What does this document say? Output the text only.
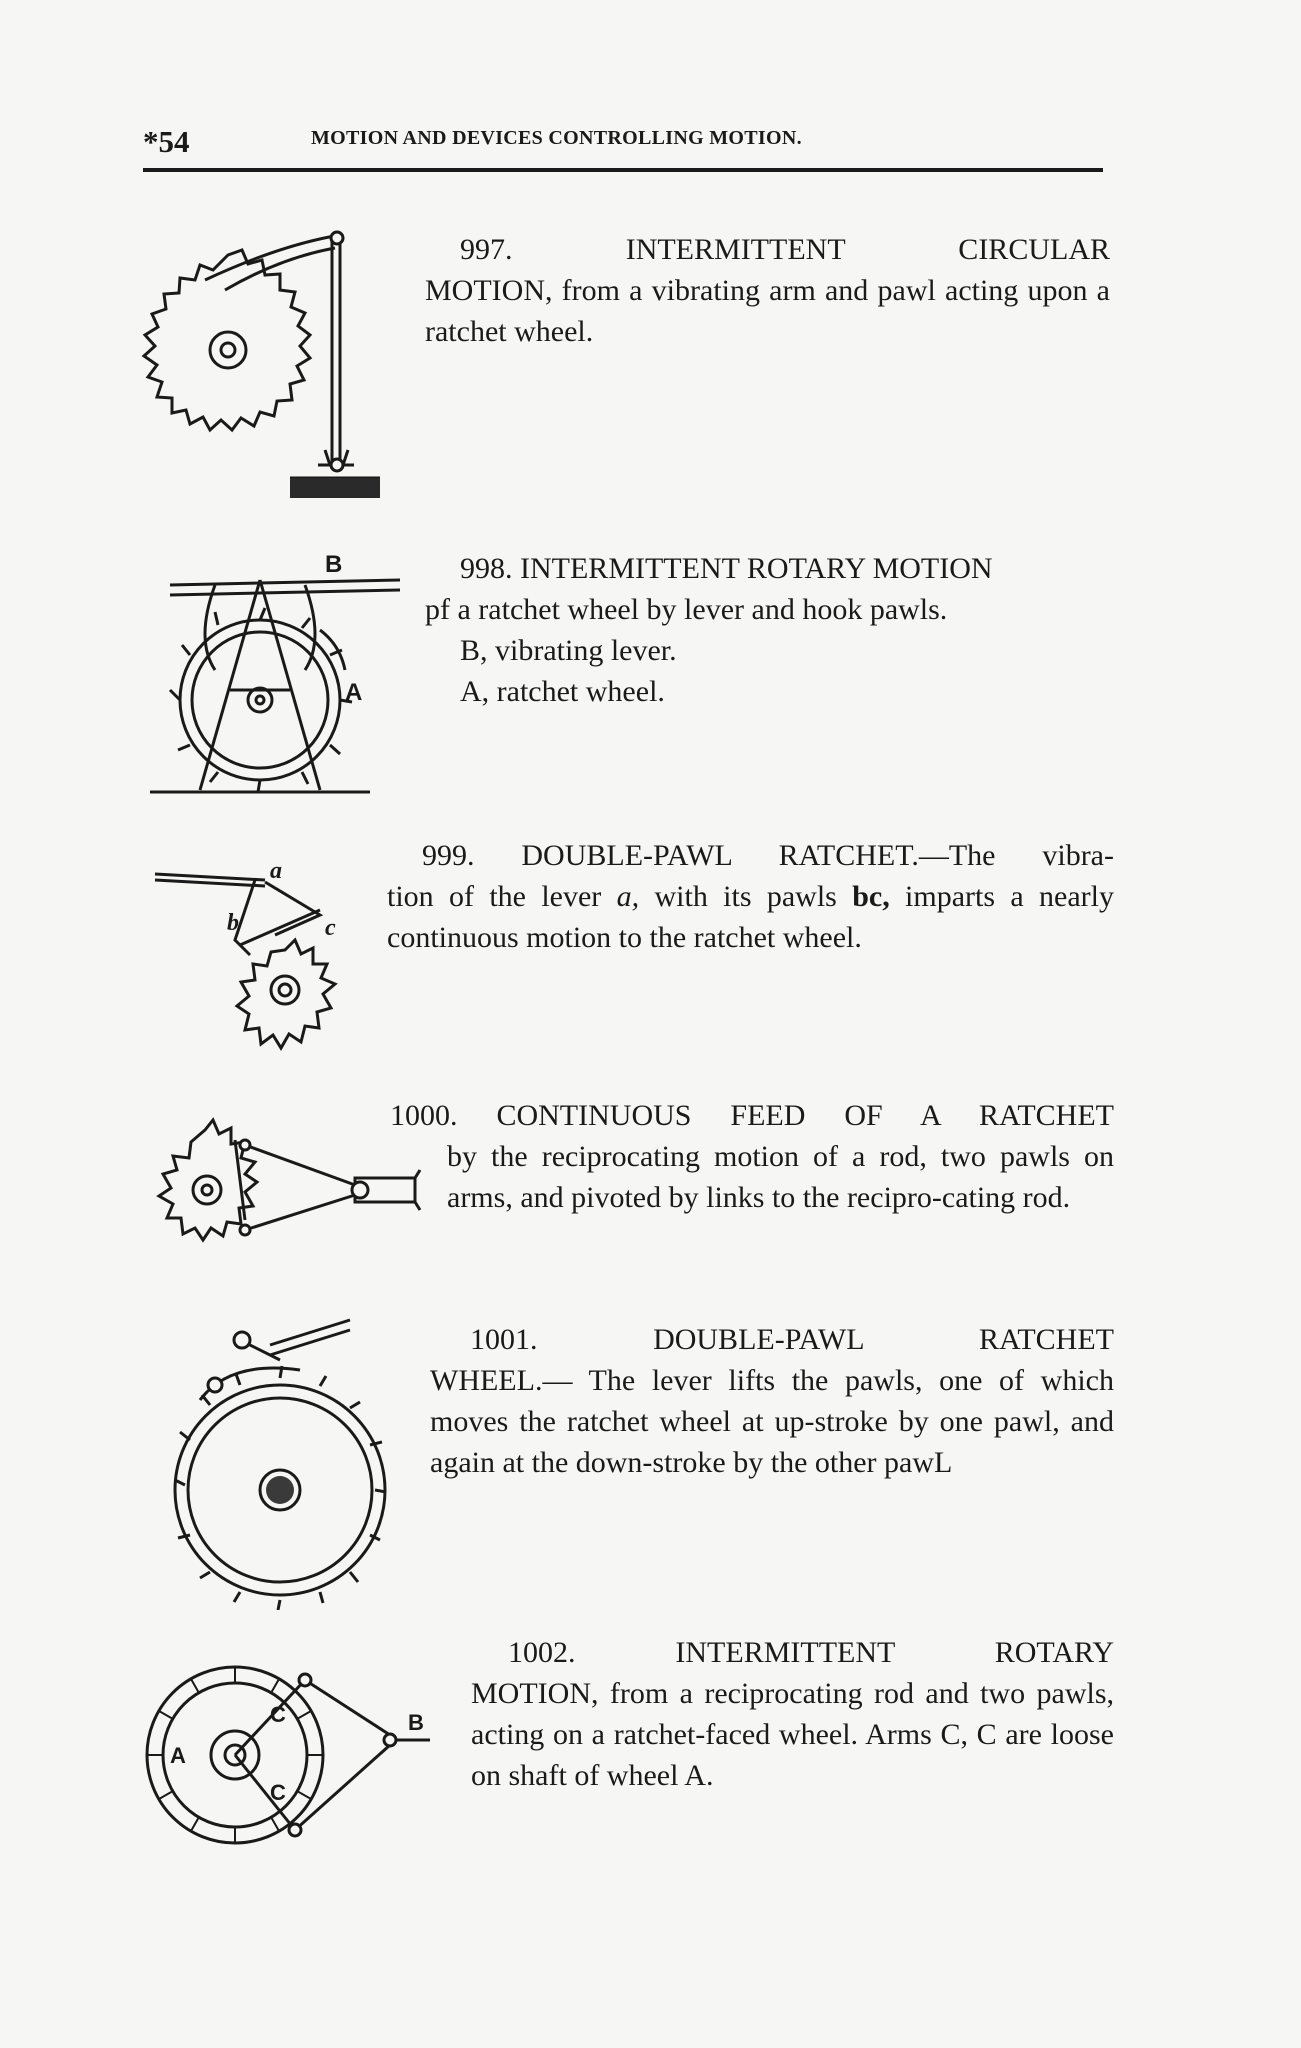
*54	MOTION AND DEVICES CONTROLLING MOTION.

997. INTERMITTENT CIRCULAR

MOTION, from a vibrating arm and pawl acting upon a ratchet wheel.

998. INTERMITTENT ROTARY MOTION

pf a ratchet wheel by lever and hook pawls.

B, vibrating lever.

A, ratchet wheel.

999. DOUBLE-PAWL RATCHET.—The vibra-

tion of the lever a, with its pawls bc, imparts a nearly continuous motion to the ratchet wheel.

1000. CONTINUOUS FEED OF A RATCHET

by the reciprocating motion of a rod, two pawls on arms, and pivoted by links to the recipro-cating rod.

1001. DOUBLE-PAWL RATCHET

WHEEL.— The lever lifts the pawls, one of which moves the ratchet wheel at up-stroke by one pawl, and again at the down-stroke by the other pawL

1002. INTERMITTENT ROTARY

MOTION, from a reciprocating rod and two pawls, acting on a ratchet-faced wheel. Arms C, C are loose on shaft of wheel A.

B
A
a
b	c
A
B
C
C
